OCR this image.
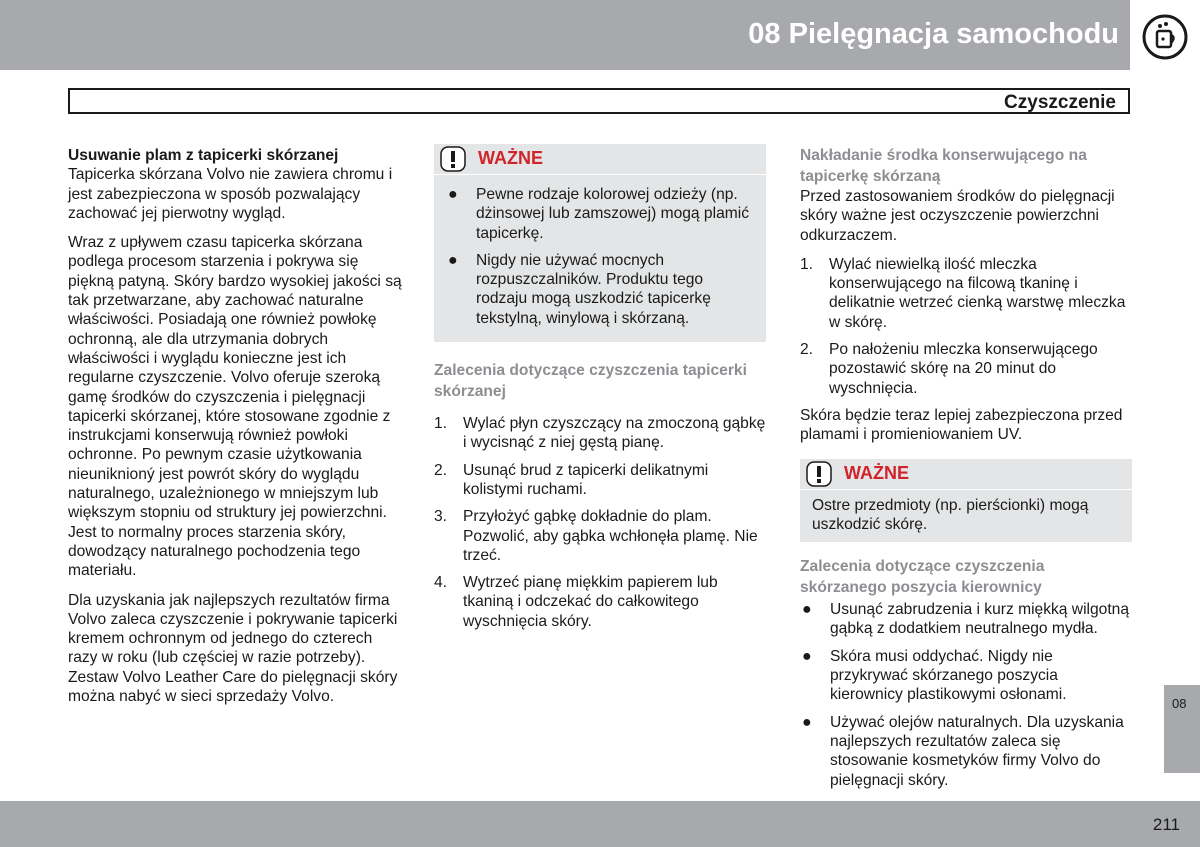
08 Pielęgnacja samochodu
Czyszczenie
Usuwanie plam z tapicerki skórzanej

Tapicerka skórzana Volvo nie zawiera chromu i jest zabezpieczona w sposób pozwalający zachować jej pierwotny wygląd.

Wraz z upływem czasu tapicerka skórzana podlega procesom starzenia i pokrywa się piękną patyną. Skóry bardzo wysokiej jakości są tak przetwarzane, aby zachować naturalne właściwości. Posiadają one również powłokę ochronną, ale dla utrzymania dobrych właściwości i wyglądu konieczne jest ich regularne czyszczenie. Volvo oferuje szeroką gamę środków do czyszczenia i pielęgnacji tapicerki skórzanej, które stosowane zgodnie z instrukcjami konserwują również powłoki ochronne. Po pewnym czasie użytkowania nieuniknioný jest powrót skóry do wyglądu naturalnego, uzależnionego w mniejszym lub większym stopniu od struktury jej powierzchni. Jest to normalny proces starzenia skóry, dowodzący naturalnego pochodzenia tego materiału.

Dla uzyskania jak najlepszych rezultatów firma Volvo zaleca czyszczenie i pokrywanie tapicerki kremem ochronnym od jednego do czterech razy w roku (lub częściej w razie potrzeby). Zestaw Volvo Leather Care do pielęgnacji skóry można nabyć w sieci sprzedaży Volvo.

WAŻNE
● Pewne rodzaje kolorowej odzieży (np. dżinsowej lub zamszowej) mogą plamić tapicerkę.
● Nigdy nie używać mocnych rozpuszczalników. Produktu tego rodzaju mogą uszkodzić tapicerkę tekstylną, winylową i skórzaną.
Zalecenia dotyczące czyszczenia tapicerki skórzanej
1. Wylać płyn czyszczący na zmoczoną gąbkę i wycisnąć z niej gęstą pianę.
2. Usunąć brud z tapicerki delikatnymi kolistymi ruchami.
3. Przyłożyć gąbkę dokładnie do plam. Pozwolić, aby gąbka wchłonęła plamę. Nie trzeć.
4. Wytrzeć pianę miękkim papierem lub tkaniną i odczekać do całkowitego wyschnięcia skóry.
Nakładanie środka konserwującego na tapicerkę skórzaną

Przed zastosowaniem środków do pielęgnacji skóry ważne jest oczyszczenie powierzchni odkurzaczem.

1. Wylać niewielką ilość mleczka konserwującego na filcową tkaninę i delikatnie wetrzeć cienką warstwę mleczka w skórę.
2. Po nałożeniu mleczka konserwującego pozostawić skórę na 20 minut do wyschnięcia.

Skóra będzie teraz lepiej zabezpieczona przed plamami i promieniowaniem UV.

WAŻNE
Ostre przedmioty (np. pierścionki) mogą uszkodzić skórę.
Zalecenia dotyczące czyszczenia skórzanego poszycia kierownicy
● Usunąć zabrudzenia i kurz miękką wilgotną gąbką z dodatkiem neutralnego mydła.
● Skóra musi oddychać. Nigdy nie przykrywać skórzanego poszycia kierownicy plastikowymi osłonami.
● Używać olejów naturalnych. Dla uzyskania najlepszych rezultatów zaleca się stosowanie kosmetyków firmy Volvo do pielęgnacji skóry.
08
211
